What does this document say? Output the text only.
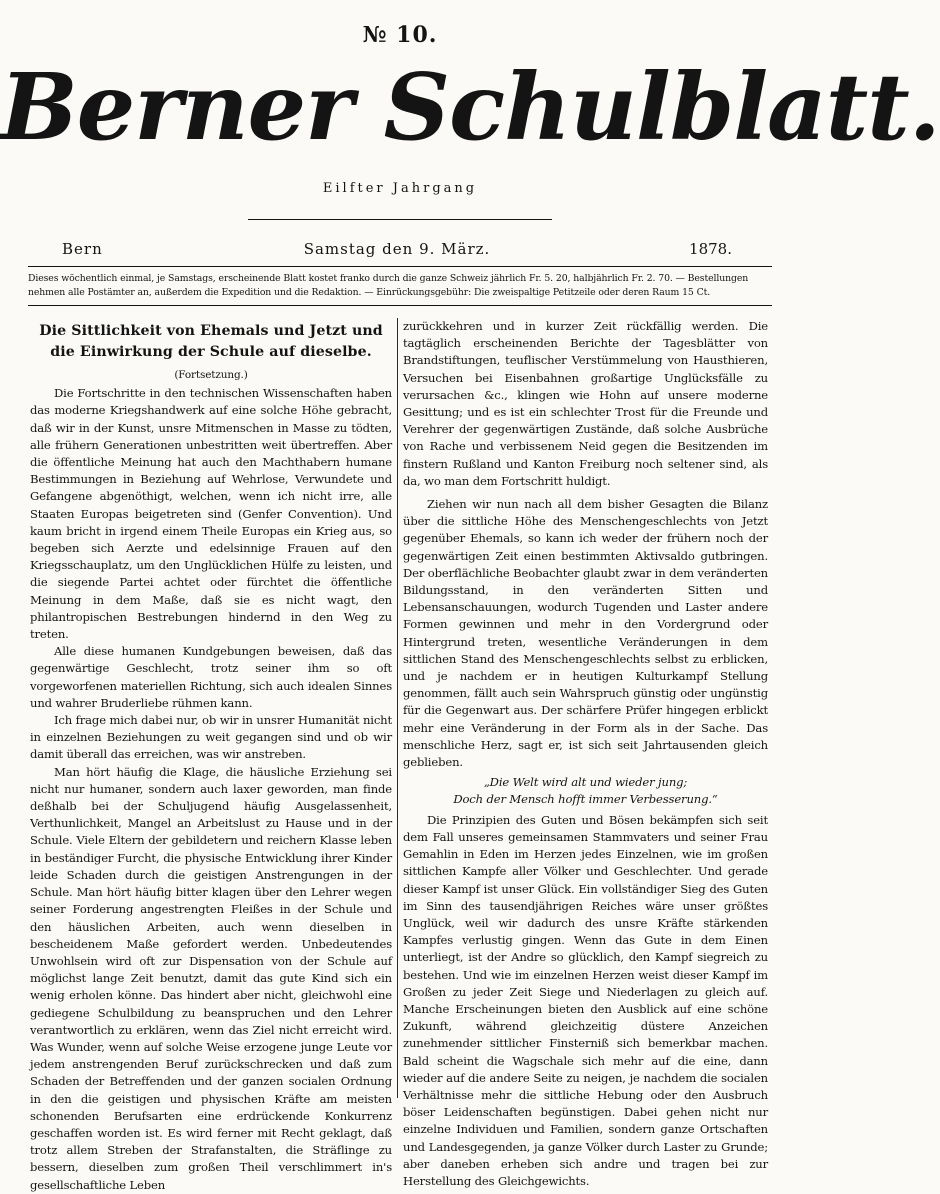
№ 10.
Berner Schulblatt.
Eilfter Jahrgang
Samstag den 9. März.
Bern	1878.
Dieses wöchentlich einmal, je Samstags, erscheinende Blatt kostet franko durch die ganze Schweiz jährlich Fr. 5. 20, halbjährlich Fr. 2. 70. — Bestellungen
nehmen alle Postämter an, außerdem die Expedition und die Redaktion. — Einrückungsgebühr: Die zweispaltige Petitzeile oder deren Raum 15 Ct.
Die Sittlichkeit von Ehemals und Jetzt und die Einwirkung der Schule auf dieselbe.
(Fortsetzung.)

Die Fortschritte in den technischen Wissenschaften haben das moderne Kriegshandwerk auf eine solche Höhe gebracht, daß wir in der Kunst, unsre Mitmenschen in Masse zu tödten, alle frühern Generationen unbestritten weit übertreffen. Aber die öffentliche Meinung hat auch den Machthabern humane Bestimmungen in Beziehung auf Wehrlose, Verwundete und Gefangene abgenöthigt, welchen, wenn ich nicht irre, alle Staaten Europas beigetreten sind (Genfer Convention). Und kaum bricht in irgend einem Theile Europas ein Krieg aus, so begeben sich Aerzte und edelsinnige Frauen auf den Kriegsschauplatz, um den Unglücklichen Hülfe zu leisten, und die siegende Partei achtet oder fürchtet die öffentliche Meinung in dem Maße, daß sie es nicht wagt, den philantropischen Bestrebungen hindernd in den Weg zu treten.

Alle diese humanen Kundgebungen beweisen, daß das gegenwärtige Geschlecht, trotz seiner ihm so oft vorgeworfenen materiellen Richtung, sich auch idealen Sinnes und wahrer Bruderliebe rühmen kann.

Ich frage mich dabei nur, ob wir in unsrer Humanität nicht in einzelnen Beziehungen zu weit gegangen sind und ob wir damit überall das erreichen, was wir anstreben.

Man hört häufig die Klage, die häusliche Erziehung sei nicht nur humaner, sondern auch laxer geworden, man finde deßhalb bei der Schuljugend häufig Ausgelassenheit, Verthunlichkeit, Mangel an Arbeitslust zu Hause und in der Schule. Viele Eltern der gebildetern und reichern Klasse leben in beständiger Furcht, die physische Entwicklung ihrer Kinder leide Schaden durch die geistigen Anstrengungen in der Schule. Man hört häufig bitter klagen über den Lehrer wegen seiner Forderung angestrengten Fleißes in der Schule und den häuslichen Arbeiten, auch wenn dieselben in bescheidenem Maße gefordert werden. Unbedeutendes Unwohlsein wird oft zur Dispensation von der Schule auf möglichst lange Zeit benutzt, damit das gute Kind sich ein wenig erholen könne. Das hindert aber nicht, gleichwohl eine gediegene Schulbildung zu beanspruchen und den Lehrer verantwortlich zu erklären, wenn das Ziel nicht erreicht wird. Was Wunder, wenn auf solche Weise erzogene junge Leute vor jedem anstrengenden Beruf zurückschrecken und daß zum Schaden der Betreffenden und der ganzen socialen Ordnung in den die geistigen und physischen Kräfte am meisten schonenden Berufsarten eine erdrückende Konkurrenz geschaffen worden ist. Es wird ferner mit Recht geklagt, daß trotz allem Streben der Strafanstalten, die Sträflinge zu bessern, dieselben zum großen Theil verschlimmert in's gesellschaftliche Leben

zurückkehren und in kurzer Zeit rückfällig werden. Die tagtäglich erscheinenden Berichte der Tagesblätter von Brandstiftungen, teuflischer Verstümmelung von Hausthieren, Versuchen bei Eisenbahnen großartige Unglücksfälle zu verursachen &c., klingen wie Hohn auf unsere moderne Gesittung; und es ist ein schlechter Trost für die Freunde und Verehrer der gegenwärtigen Zustände, daß solche Ausbrüche von Rache und verbissenem Neid gegen die Besitzenden im finstern Rußland und Kanton Freiburg noch seltener sind, als da, wo man dem Fortschritt huldigt.

Ziehen wir nun nach all dem bisher Gesagten die Bilanz über die sittliche Höhe des Menschengeschlechts von Jetzt gegenüber Ehemals, so kann ich weder der frühern noch der gegenwärtigen Zeit einen bestimmten Aktivsaldo gutbringen. Der oberflächliche Beobachter glaubt zwar in dem veränderten Bildungsstand, in den veränderten Sitten und Lebensanschauungen, wodurch Tugenden und Laster andere Formen gewinnen und mehr in den Vordergrund oder Hintergrund treten, wesentliche Veränderungen in dem sittlichen Stand des Menschengeschlechts selbst zu erblicken, und je nachdem er in heutigen Kulturkampf Stellung genommen, fällt auch sein Wahrspruch günstig oder ungünstig für die Gegenwart aus. Der schärfere Prüfer hingegen erblickt mehr eine Veränderung in der Form als in der Sache. Das menschliche Herz, sagt er, ist sich seit Jahrtausenden gleich geblieben.

„Die Welt wird alt und wieder jung;
Doch der Mensch hofft immer Verbesserung.“

Die Prinzipien des Guten und Bösen bekämpfen sich seit dem Fall unseres gemeinsamen Stammvaters und seiner Frau Gemahlin in Eden im Herzen jedes Einzelnen, wie im großen sittlichen Kampfe aller Völker und Geschlechter. Und gerade dieser Kampf ist unser Glück. Ein vollständiger Sieg des Guten im Sinn des tausendjährigen Reiches wäre unser größtes Unglück, weil wir dadurch des unsre Kräfte stärkenden Kampfes verlustig gingen. Wenn das Gute in dem Einen unterliegt, ist der Andre so glücklich, den Kampf siegreich zu bestehen. Und wie im einzelnen Herzen weist dieser Kampf im Großen zu jeder Zeit Siege und Niederlagen zu gleich auf. Manche Erscheinungen bieten den Ausblick auf eine schöne Zukunft, während gleichzeitig düstere Anzeichen zunehmender sittlicher Finsterniß sich bemerkbar machen. Bald scheint die Wagschale sich mehr auf die eine, dann wieder auf die andere Seite zu neigen, je nachdem die socialen Verhältnisse mehr die sittliche Hebung oder den Ausbruch böser Leidenschaften begünstigen. Dabei gehen nicht nur einzelne Individuen und Familien, sondern ganze Ortschaften und Landesgegenden, ja ganze Völker durch Laster zu Grunde; aber daneben erheben sich andre und tragen bei zur Herstellung des Gleichgewichts.
